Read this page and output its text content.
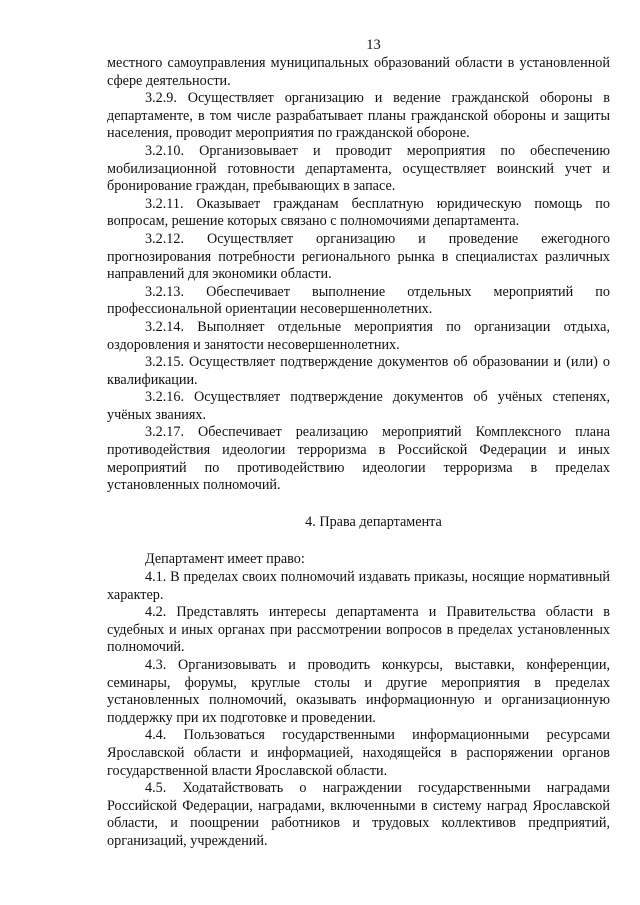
13

местного самоуправления муниципальных образований области в установленной сфере деятельности.

3.2.9. Осуществляет организацию и ведение гражданской обороны в департаменте, в том числе разрабатывает планы гражданской обороны и защиты населения, проводит мероприятия по гражданской обороне.

3.2.10. Организовывает и проводит мероприятия по обеспечению мобилизационной готовности департамента, осуществляет воинский учет и бронирование граждан, пребывающих в запасе.

3.2.11. Оказывает гражданам бесплатную юридическую помощь по вопросам, решение которых связано с полномочиями департамента.

3.2.12. Осуществляет организацию и проведение ежегодного прогнозирования потребности регионального рынка в специалистах различных направлений для экономики области.

3.2.13. Обеспечивает выполнение отдельных мероприятий по профессиональной ориентации несовершеннолетних.

3.2.14. Выполняет отдельные мероприятия по организации отдыха, оздоровления и занятости несовершеннолетних.

3.2.15. Осуществляет подтверждение документов об образовании и (или) о квалификации.

3.2.16. Осуществляет подтверждение документов об учёных степенях, учёных званиях.

3.2.17. Обеспечивает реализацию мероприятий Комплексного плана противодействия идеологии терроризма в Российской Федерации и иных мероприятий по противодействию идеологии терроризма в пределах установленных полномочий.

4. Права департамента

Департамент имеет право:

4.1. В пределах своих полномочий издавать приказы, носящие нормативный характер.

4.2. Представлять интересы департамента и Правительства области в судебных и иных органах при рассмотрении вопросов в пределах установленных полномочий.

4.3. Организовывать и проводить конкурсы, выставки, конференции, семинары, форумы, круглые столы и другие мероприятия в пределах установленных полномочий, оказывать информационную и организационную поддержку при их подготовке и проведении.

4.4. Пользоваться государственными информационными ресурсами Ярославской области и информацией, находящейся в распоряжении органов государственной власти Ярославской области.

4.5. Ходатайствовать о награждении государственными наградами Российской Федерации, наградами, включенными в систему наград Ярославской области, и поощрении работников и трудовых коллективов предприятий, организаций, учреждений.
